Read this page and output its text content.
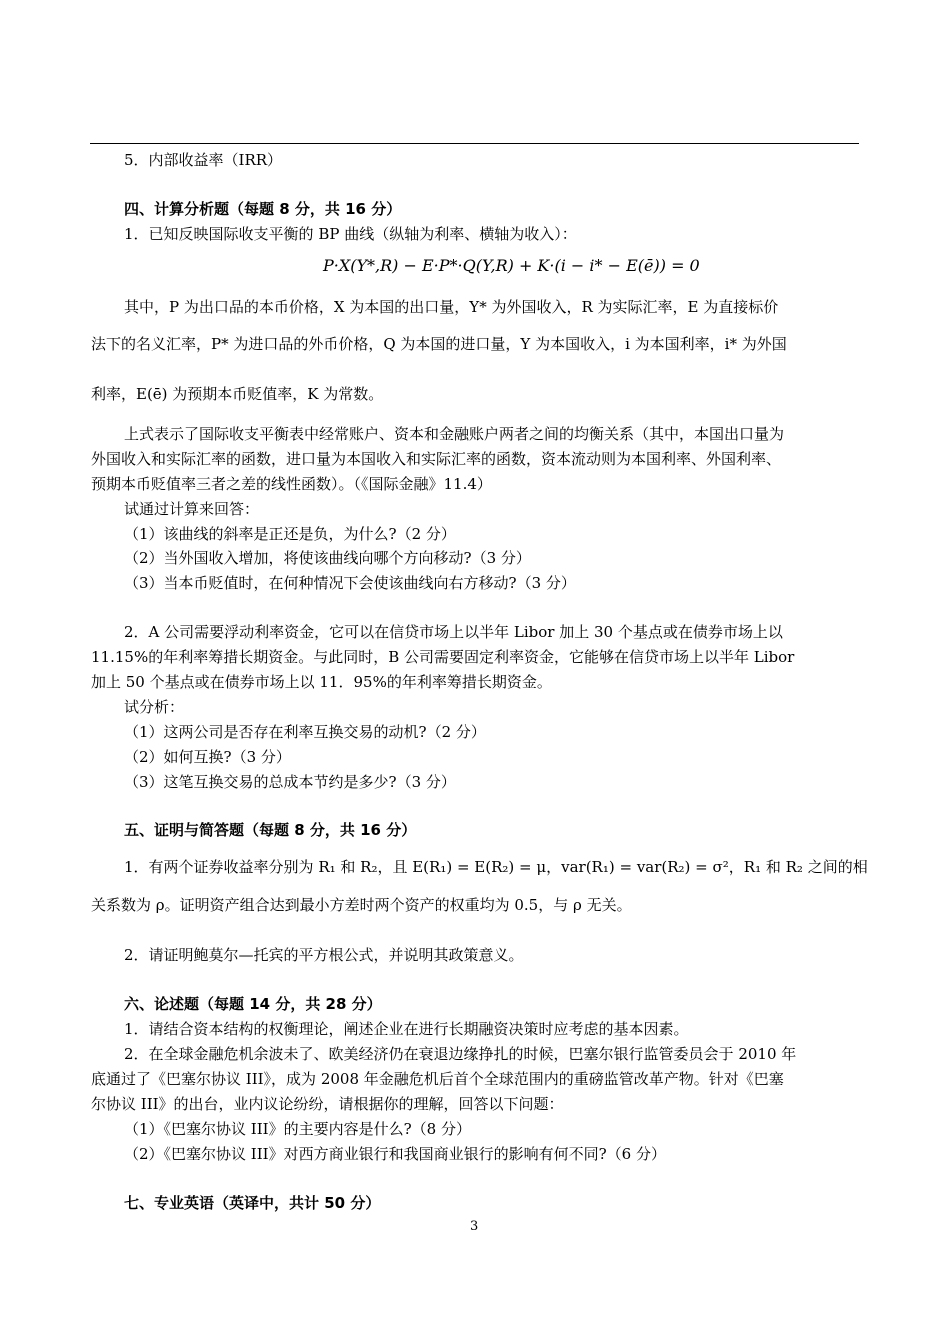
5．内部收益率（IRR）
四、计算分析题（每题 8 分，共 16 分）
1．已知反映国际收支平衡的 BP 曲线（纵轴为利率、横轴为收入）：
P·X(Y*,R) − E·P*·Q(Y,R) + K·(i − i* − E(ē)) = 0
其中，P 为出口品的本币价格，X 为本国的出口量，Y* 为外国收入，R 为实际汇率，E 为直接标价
法下的名义汇率，P* 为进口品的外币价格，Q 为本国的进口量，Y 为本国收入，i 为本国利率，i* 为外国
利率，E(ē) 为预期本币贬值率，K 为常数。
上式表示了国际收支平衡表中经常账户、资本和金融账户两者之间的均衡关系（其中，本国出口量为
外国收入和实际汇率的函数，进口量为本国收入和实际汇率的函数，资本流动则为本国利率、外国利率、
预期本币贬值率三者之差的线性函数）。（《国际金融》11.4）
试通过计算来回答：
（1）该曲线的斜率是正还是负，为什么?（2 分）
（2）当外国收入增加，将使该曲线向哪个方向移动?（3 分）
（3）当本币贬值时，在何种情况下会使该曲线向右方移动?（3 分）
2．A 公司需要浮动利率资金，它可以在信贷市场上以半年 Libor 加上 30 个基点或在债券市场上以
11.15%的年利率筹措长期资金。与此同时，B 公司需要固定利率资金，它能够在信贷市场上以半年 Libor
加上 50 个基点或在债券市场上以 11．95%的年利率筹措长期资金。
试分析：
（1）这两公司是否存在利率互换交易的动机?（2 分）
（2）如何互换?（3 分）
（3）这笔互换交易的总成本节约是多少?（3 分）
五、证明与简答题（每题 8 分，共 16 分）
1．有两个证券收益率分别为 R₁ 和 R₂，且 E(R₁) = E(R₂) = μ，var(R₁) = var(R₂) = σ²，R₁ 和 R₂ 之间的相
关系数为 ρ。证明资产组合达到最小方差时两个资产的权重均为 0.5，与 ρ 无关。
2．请证明鲍莫尔—托宾的平方根公式，并说明其政策意义。
六、论述题（每题 14 分，共 28 分）
1．请结合资本结构的权衡理论，阐述企业在进行长期融资决策时应考虑的基本因素。
2．在全球金融危机余波未了、欧美经济仍在衰退边缘挣扎的时候，巴塞尔银行监管委员会于 2010 年
底通过了《巴塞尔协议 III》，成为 2008 年金融危机后首个全球范围内的重磅监管改革产物。针对《巴塞
尔协议 III》的出台，业内议论纷纷，请根据你的理解，回答以下问题：
（1）《巴塞尔协议 III》的主要内容是什么?（8 分）
（2）《巴塞尔协议 III》对西方商业银行和我国商业银行的影响有何不同?（6 分）
七、专业英语（英译中，共计 50 分）
3
